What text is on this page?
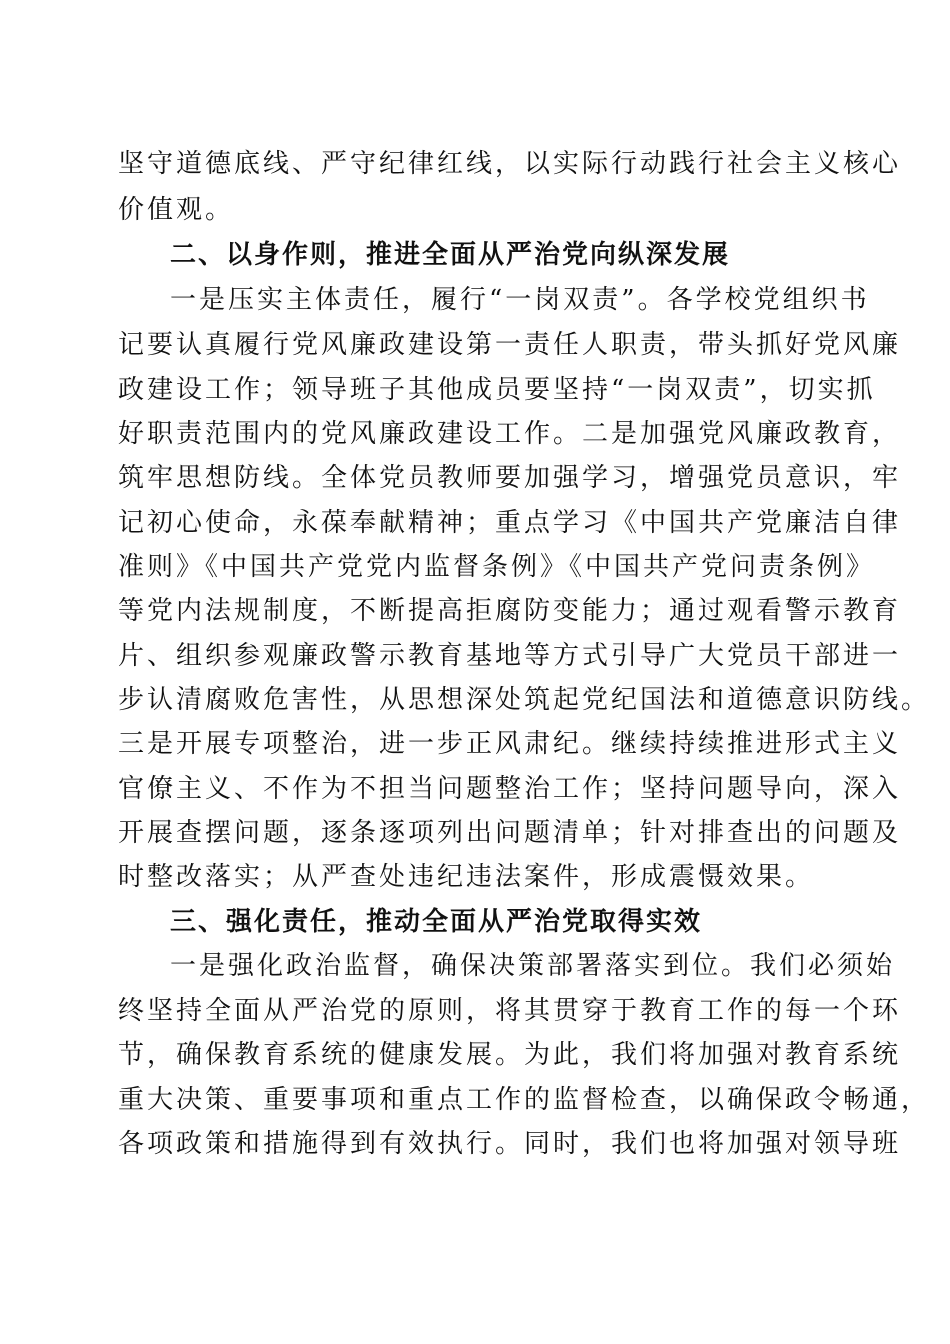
坚守道德底线、严守纪律红线，以实际行动践行社会主义核心

价值观。

二、以身作则，推进全面从严治党向纵深发展

一是压实主体责任，履行“一岗双责”。各学校党组织书

记要认真履行党风廉政建设第一责任人职责，带头抓好党风廉

政建设工作；领导班子其他成员要坚持“一岗双责”，切实抓

好职责范围内的党风廉政建设工作。二是加强党风廉政教育，

筑牢思想防线。全体党员教师要加强学习，增强党员意识，牢

记初心使命，永葆奉献精神；重点学习《中国共产党廉洁自律

准则》《中国共产党党内监督条例》《中国共产党问责条例》

等党内法规制度，不断提高拒腐防变能力；通过观看警示教育

片、组织参观廉政警示教育基地等方式引导广大党员干部进一

步认清腐败危害性，从思想深处筑起党纪国法和道德意识防线。

三是开展专项整治，进一步正风肃纪。继续持续推进形式主义

官僚主义、不作为不担当问题整治工作；坚持问题导向，深入

开展查摆问题，逐条逐项列出问题清单；针对排查出的问题及

时整改落实；从严查处违纪违法案件，形成震慑效果。

三、强化责任，推动全面从严治党取得实效

一是强化政治监督，确保决策部署落实到位。我们必须始

终坚持全面从严治党的原则，将其贯穿于教育工作的每一个环

节，确保教育系统的健康发展。为此，我们将加强对教育系统

重大决策、重要事项和重点工作的监督检查，以确保政令畅通，

各项政策和措施得到有效执行。同时，我们也将加强对领导班
